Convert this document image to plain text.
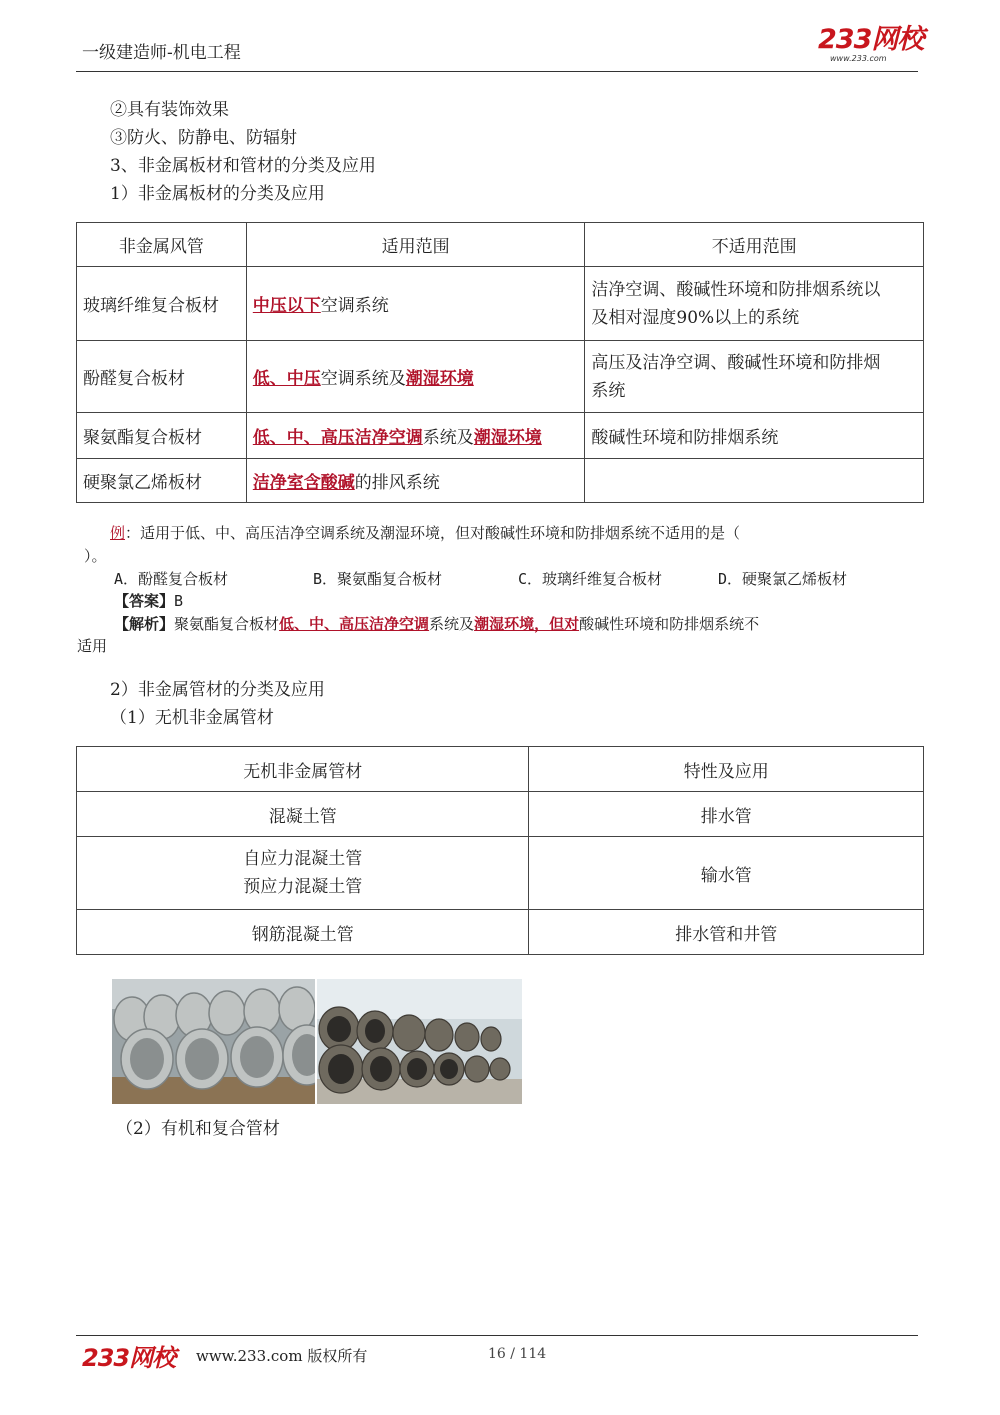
一级建造师-机电工程	233网校
www.233.com
②具有装饰效果
③防火、防静电、防辐射
3、非金属板材和管材的分类及应用
1）非金属板材的分类及应用
非金属风管	适用范围	不适用范围
玻璃纤维复合板材	中压以下空调系统	洁净空调、酸碱性环境和防排烟系统以
及相对湿度90%以上的系统

酚醛复合板材	低、中压空调系统及潮湿环境	高压及洁净空调、酸碱性环境和防排烟
系统

聚氨酯复合板材	低、中、高压洁净空调系统及潮湿环境	酸碱性环境和防排烟系统
硬聚氯乙烯板材	洁净室含酸碱的排风系统	
例：适用于低、中、高压洁净空调系统及潮湿环境，但对酸碱性环境和防排烟系统不适用的是（
）。
A．酚醛复合板材	B．聚氨酯复合板材	C．玻璃纤维复合板材	D．硬聚氯乙烯板材
【答案】B
【解析】聚氨酯复合板材低、中、高压洁净空调系统及潮湿环境，但对酸碱性环境和防排烟系统不
适用
2）非金属管材的分类及应用
（1）无机非金属管材
无机非金属管材	特性及应用
混凝土管	排水管

自应力混凝土管
预应力混凝土管	输水管
钢筋混凝土管	排水管和井管
（2）有机和复合管材
233网校 www.233.com 版权所有	16 / 114
